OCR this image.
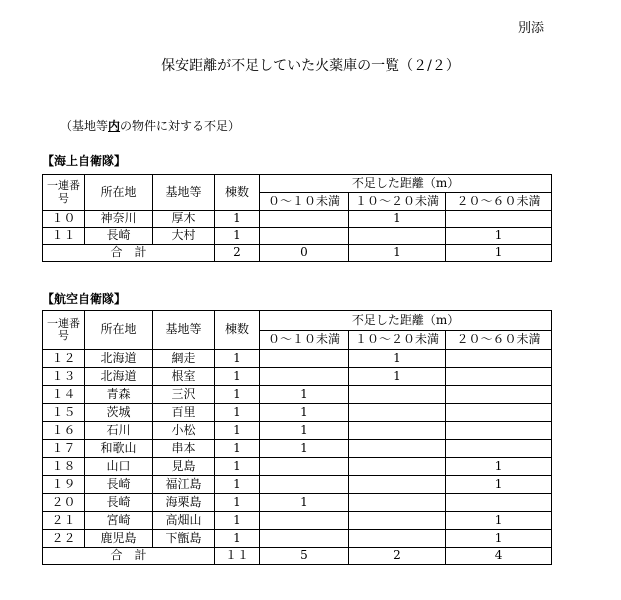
別添
保安距離が不足していた火薬庫の一覧（２/２）
（基地等内の物件に対する不足）
【海上自衛隊】
一連番号	所在地	基地等	棟数	不足した距離（m）		
				０～１０未満	１０～２０未満	２０～６０未満
１０	神奈川	厚木	1		1	
１１	長崎	大村	1			1
合　計			2	0	1	1
【航空自衛隊】
一連番号	所在地	基地等	棟数	不足した距離（m）		
				０～１０未満	１０～２０未満	２０～６０未満
１２	北海道	網走	1		1	
１３	北海道	根室	1		1	
１４	青森	三沢	1	1		
１５	茨城	百里	1	1		
１６	石川	小松	1	1		
１７	和歌山	串本	1	1		
１８	山口	見島	1			1
１９	長崎	福江島	1			1
２０	長崎	海栗島	1	1		
２１	宮崎	高畑山	1			1
２２	鹿児島	下甑島	1			1
合　計			１１	5	2	4
